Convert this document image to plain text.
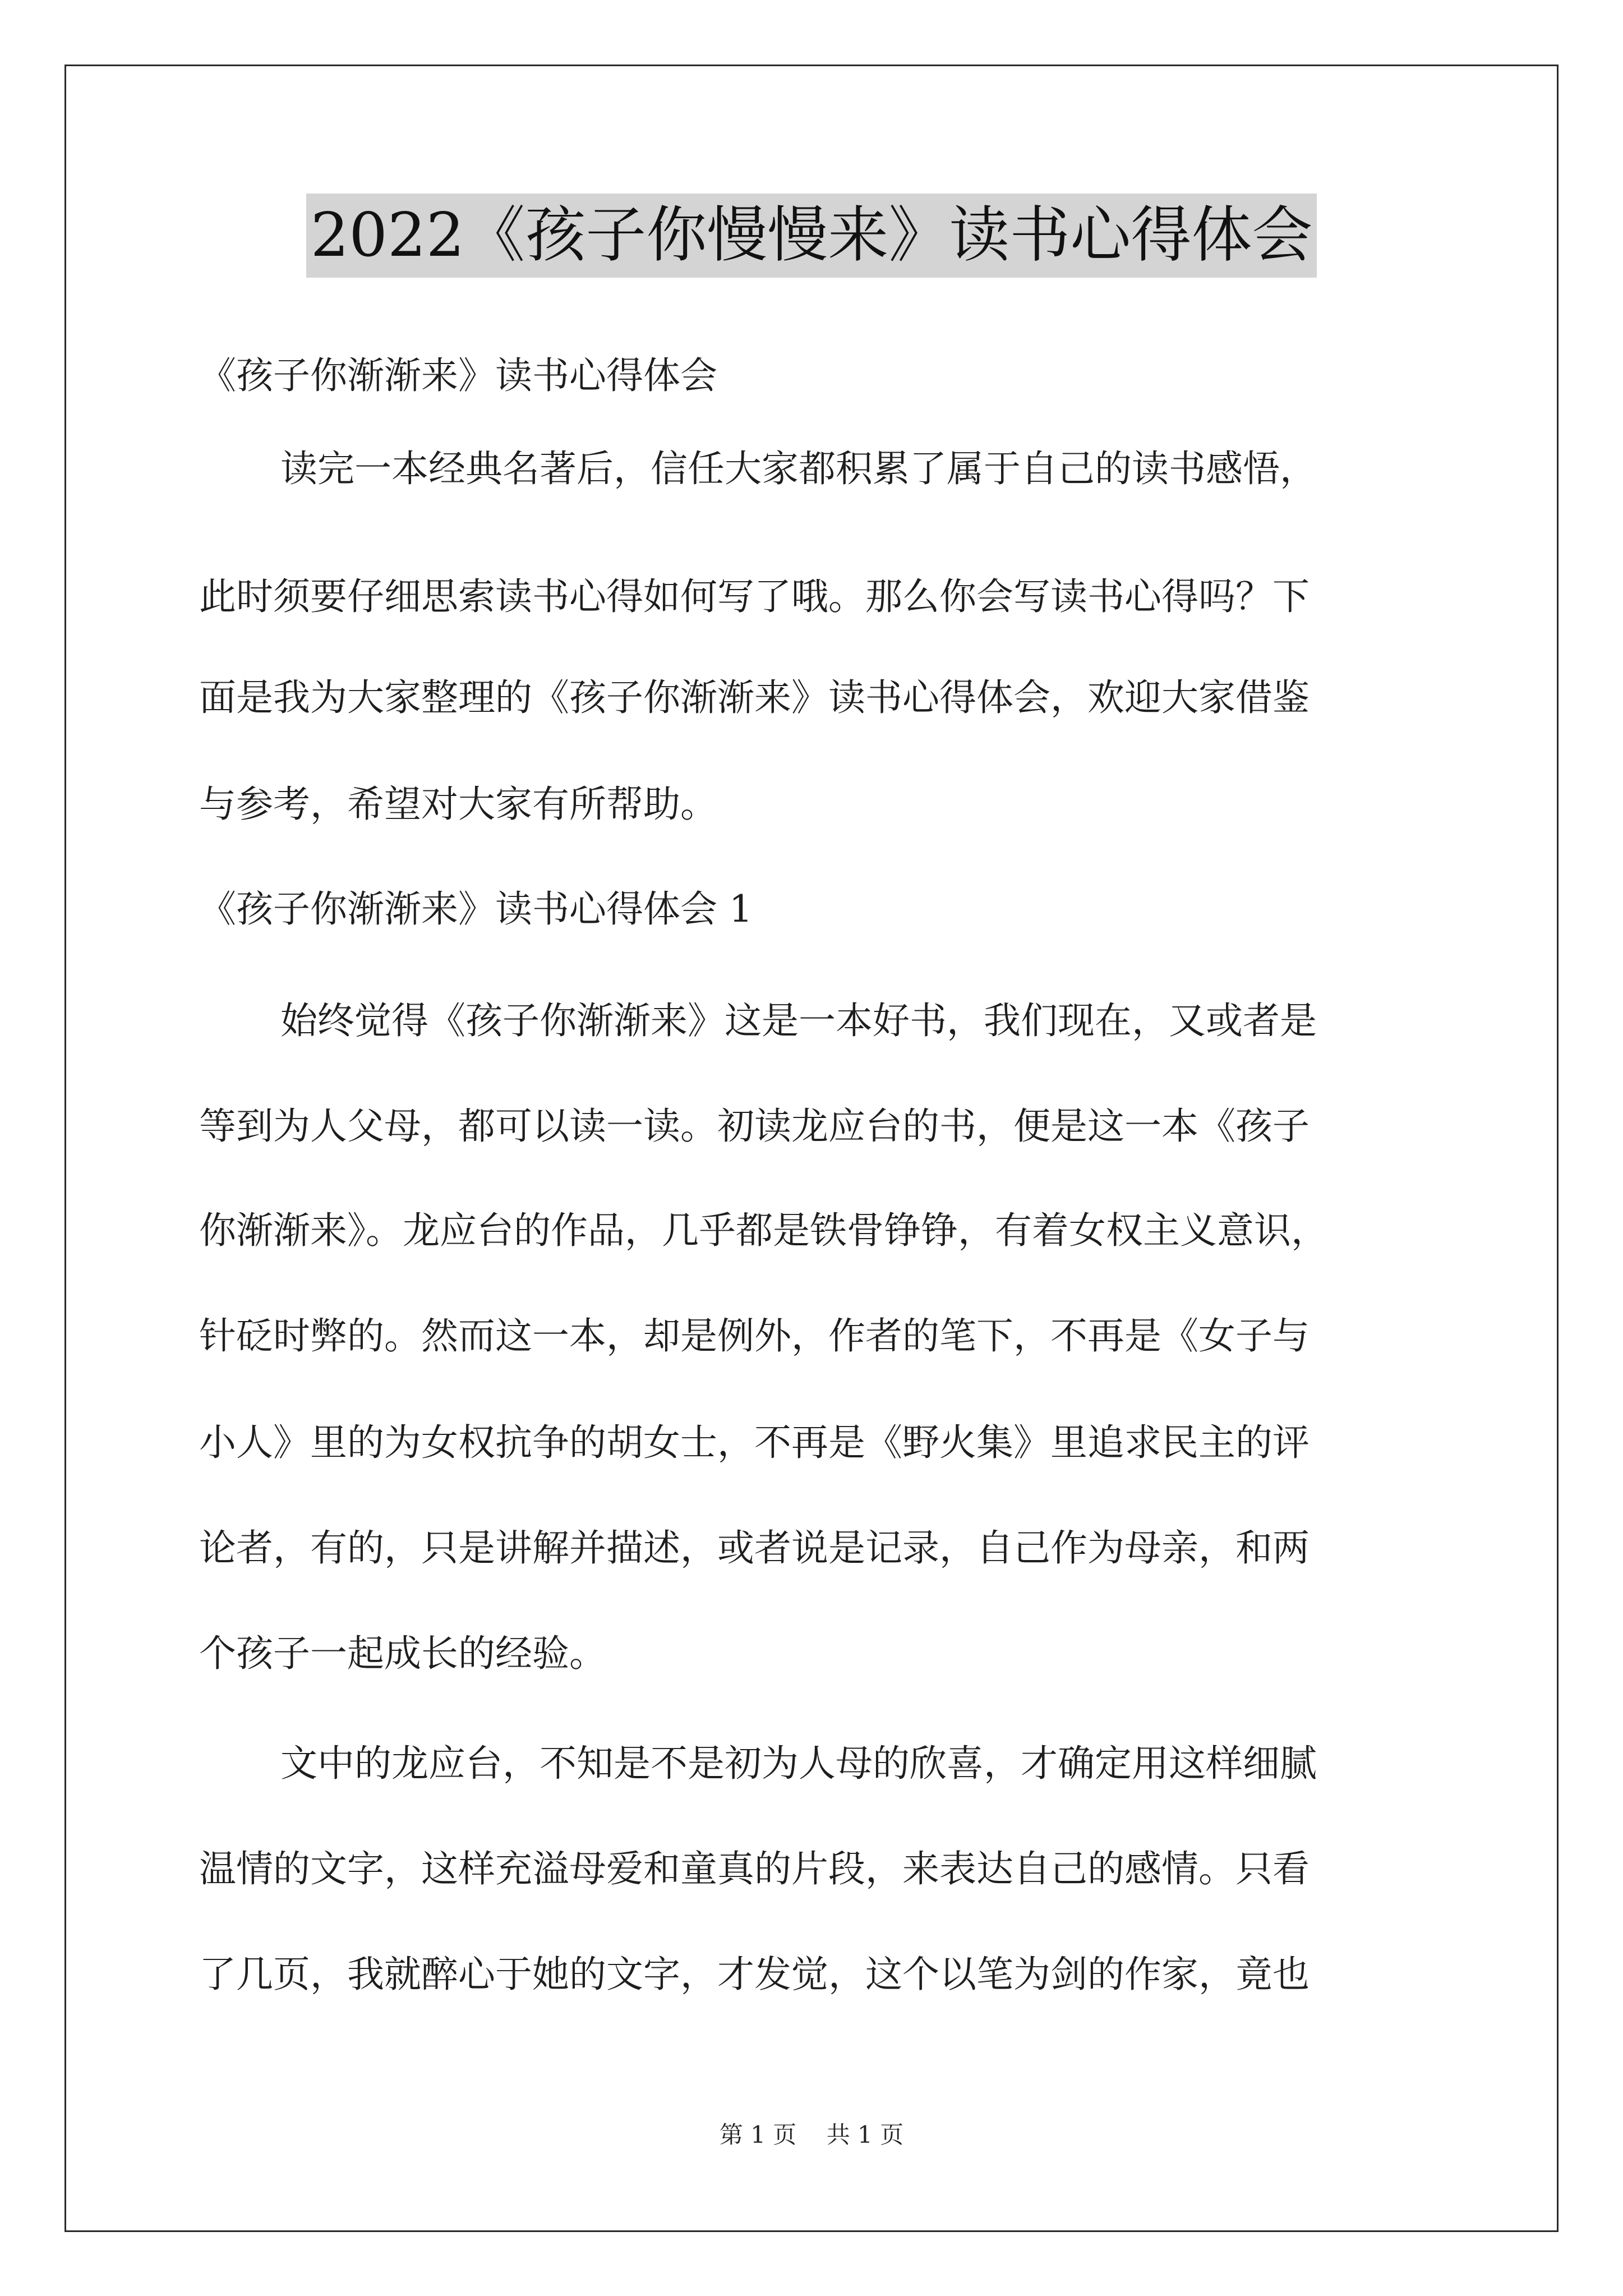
2022《孩子你慢慢来》读书心得体会
《孩子你渐渐来》读书心得体会
读完一本经典名著后，信任大家都积累了属于自己的读书感悟，
此时须要仔细思索读书心得如何写了哦。那么你会写读书心得吗？下
面是我为大家整理的《孩子你渐渐来》读书心得体会，欢迎大家借鉴
与参考，希望对大家有所帮助。
《孩子你渐渐来》读书心得体会 1
始终觉得《孩子你渐渐来》这是一本好书，我们现在，又或者是
等到为人父母，都可以读一读。初读龙应台的书，便是这一本《孩子
你渐渐来》。龙应台的作品，几乎都是铁骨铮铮，有着女权主义意识，
针砭时弊的。然而这一本，却是例外，作者的笔下，不再是《女子与
小人》里的为女权抗争的胡女士，不再是《野火集》里追求民主的评
论者，有的，只是讲解并描述，或者说是记录，自己作为母亲，和两
个孩子一起成长的经验。
文中的龙应台，不知是不是初为人母的欣喜，才确定用这样细腻
温情的文字，这样充溢母爱和童真的片段，来表达自己的感情。只看
了几页，我就醉心于她的文字，才发觉，这个以笔为剑的作家，竟也
第 1 页    共 1 页
